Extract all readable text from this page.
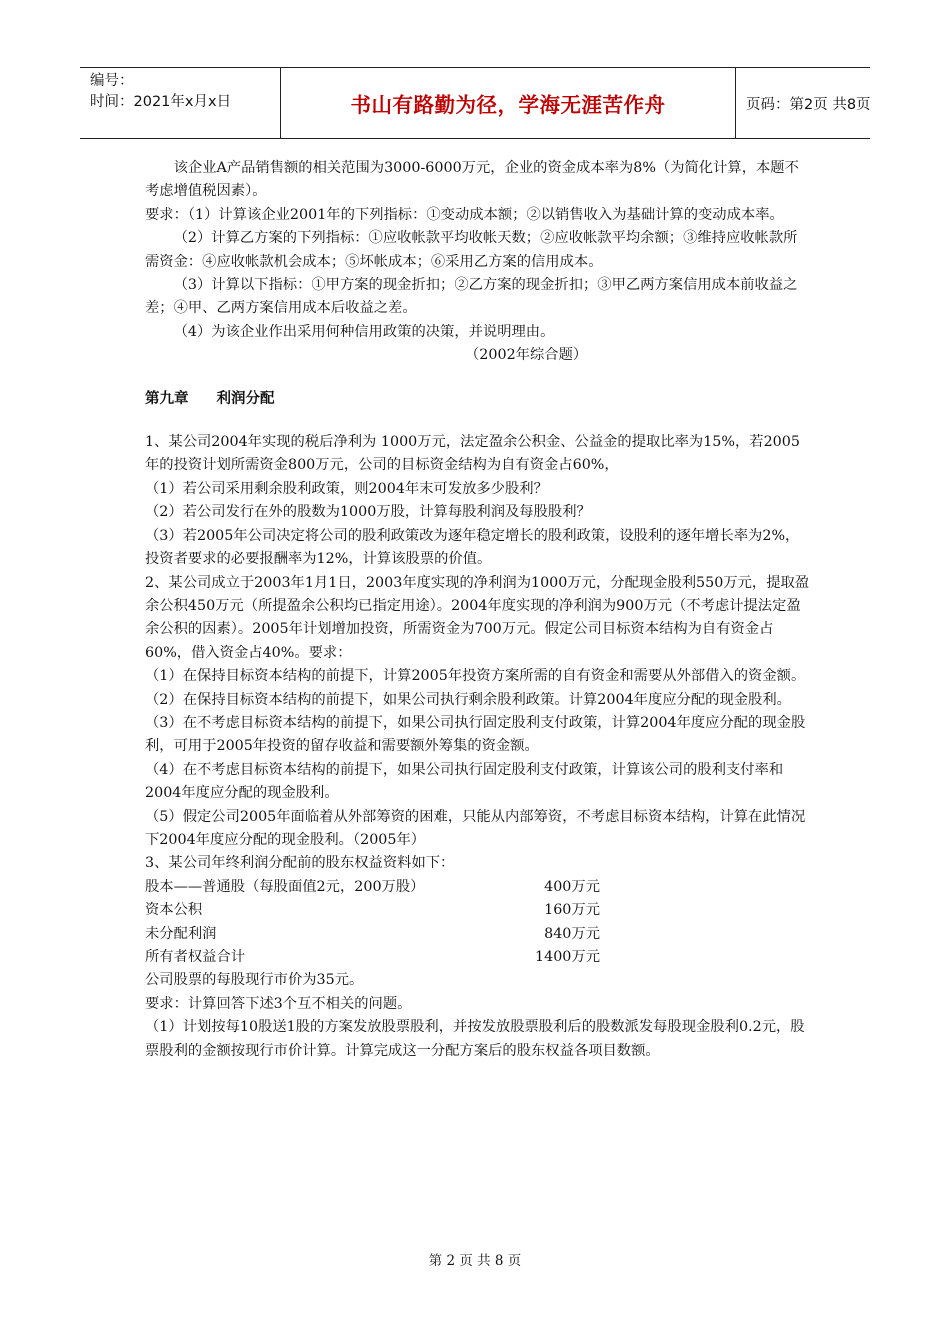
编号：
时间：2021年x月x日	书山有路勤为径，学海无涯苦作舟	页码：第2页 共8页

该企业A产品销售额的相关范围为3000-6000万元，企业的资金成本率为8%（为简化计算，本题不考虑增值税因素）。

要求：（1）计算该企业2001年的下列指标：①变动成本额；②以销售收入为基础计算的变动成本率。

（2）计算乙方案的下列指标：①应收帐款平均收帐天数；②应收帐款平均余额；③维持应收帐款所需资金：④应收帐款机会成本；⑤坏帐成本；⑥采用乙方案的信用成本。

（3）计算以下指标：①甲方案的现金折扣；②乙方案的现金折扣；③甲乙两方案信用成本前收益之差；④甲、乙两方案信用成本后收益之差。

（4）为该企业作出采用何种信用政策的决策，并说明理由。

（2002年综合题）

第九章 利润分配

1、某公司2004年实现的税后净利为 1000万元，法定盈余公积金、公益金的提取比率为15%，若2005年的投资计划所需资金800万元，公司的目标资金结构为自有资金占60%，

（1）若公司采用剩余股利政策，则2004年末可发放多少股利？

（2）若公司发行在外的股数为1000万股，计算每股利润及每股股利？

（3）若2005年公司决定将公司的股利政策改为逐年稳定增长的股利政策，设股利的逐年增长率为2%，投资者要求的必要报酬率为12%，计算该股票的价值。

2、某公司成立于2003年1月1日，2003年度实现的净利润为1000万元，分配现金股利550万元，提取盈余公积450万元（所提盈余公积均已指定用途）。2004年度实现的净利润为900万元（不考虑计提法定盈余公积的因素）。2005年计划增加投资，所需资金为700万元。假定公司目标资本结构为自有资金占60%，借入资金占40%。要求：

（1）在保持目标资本结构的前提下，计算2005年投资方案所需的自有资金和需要从外部借入的资金额。

（2）在保持目标资本结构的前提下，如果公司执行剩余股利政策。计算2004年度应分配的现金股利。

（3）在不考虑目标资本结构的前提下，如果公司执行固定股利支付政策，计算2004年度应分配的现金股利，可用于2005年投资的留存收益和需要额外筹集的资金额。

（4）在不考虑目标资本结构的前提下，如果公司执行固定股利支付政策，计算该公司的股利支付率和2004年度应分配的现金股利。

（5）假定公司2005年面临着从外部筹资的困难，只能从内部筹资，不考虑目标资本结构，计算在此情况下2004年度应分配的现金股利。（2005年）

3、某公司年终利润分配前的股东权益资料如下：

股本——普通股（每股面值2元，200万股）	400万元
资本公积	160万元
未分配利润	840万元
所有者权益合计	1400万元

公司股票的每股现行市价为35元。

要求：计算回答下述3个互不相关的问题。

（1）计划按每10股送1股的方案发放股票股利，并按发放股票股利后的股数派发每股现金股利0.2元，股票股利的金额按现行市价计算。计算完成这一分配方案后的股东权益各项目数额。

第 2 页 共 8 页
